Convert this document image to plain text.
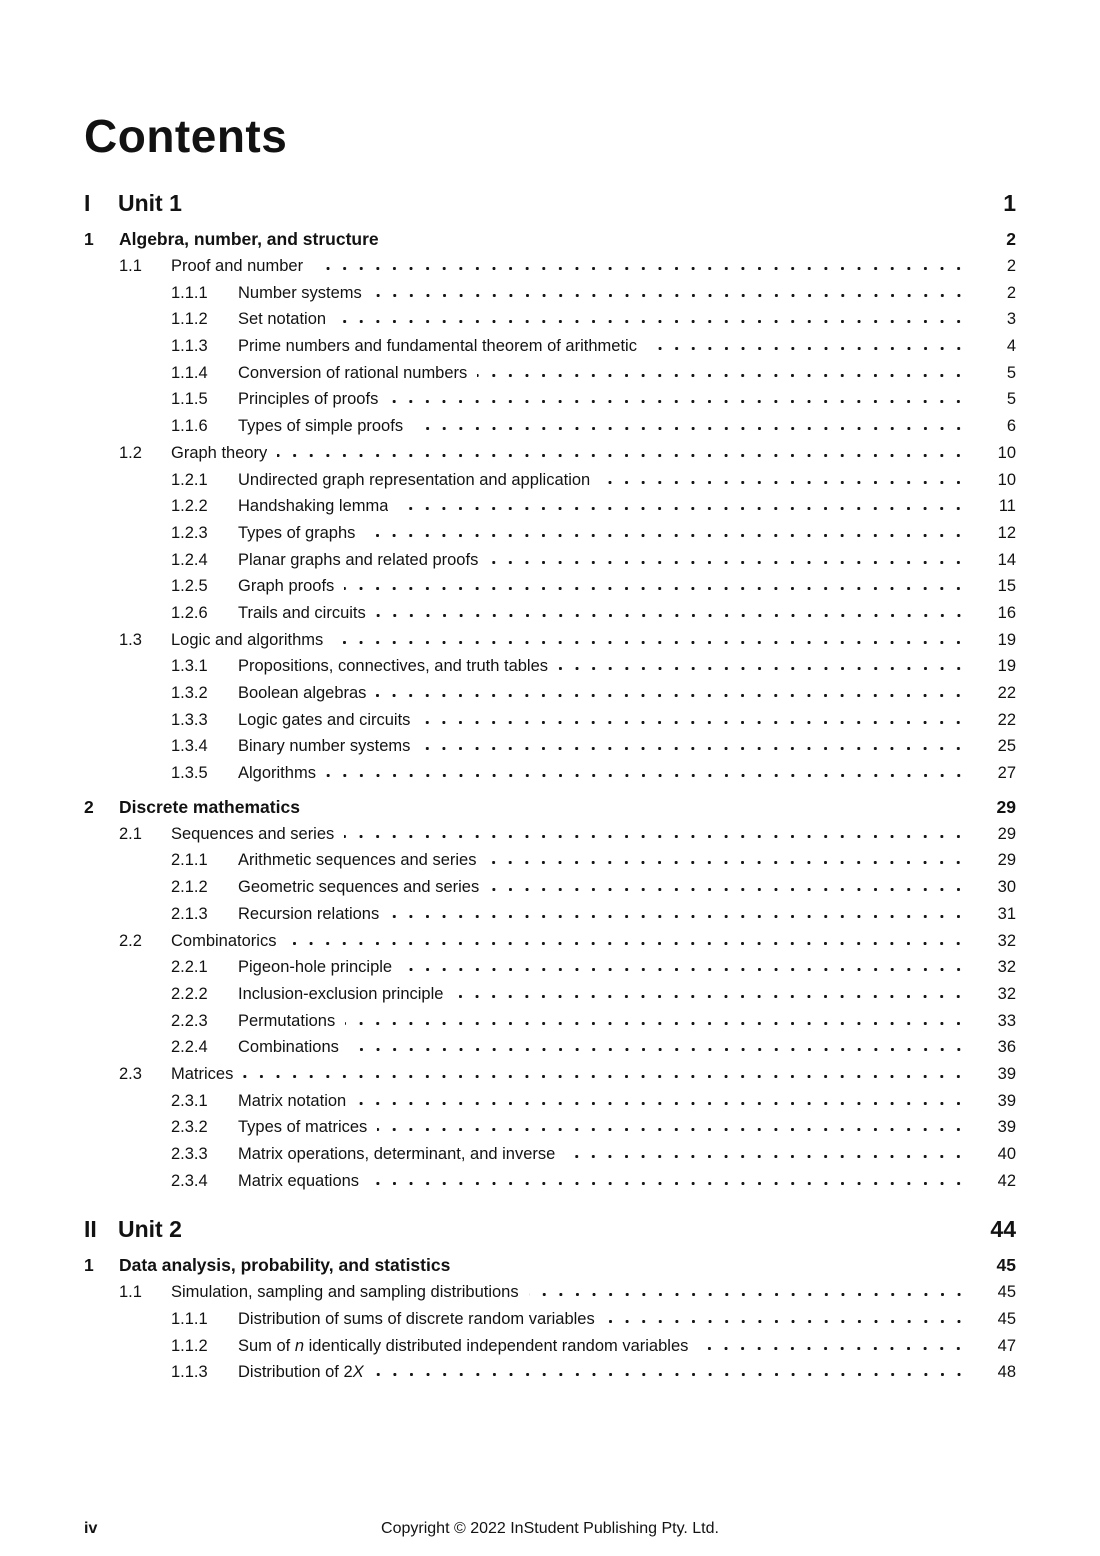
Contents
I	Unit 1	1
1	Algebra, number, and structure	2
1.1	Proof and number	2
1.1.1	Number systems	2
1.1.2	Set notation	3
1.1.3	Prime numbers and fundamental theorem of arithmetic	4
1.1.4	Conversion of rational numbers	5
1.1.5	Principles of proofs	5
1.1.6	Types of simple proofs	6
1.2	Graph theory	10
1.2.1	Undirected graph representation and application	10
1.2.2	Handshaking lemma	11
1.2.3	Types of graphs	12
1.2.4	Planar graphs and related proofs	14
1.2.5	Graph proofs	15
1.2.6	Trails and circuits	16
1.3	Logic and algorithms	19
1.3.1	Propositions, connectives, and truth tables	19
1.3.2	Boolean algebras	22
1.3.3	Logic gates and circuits	22
1.3.4	Binary number systems	25
1.3.5	Algorithms	27
2	Discrete mathematics	29
2.1	Sequences and series	29
2.1.1	Arithmetic sequences and series	29
2.1.2	Geometric sequences and series	30
2.1.3	Recursion relations	31
2.2	Combinatorics	32
2.2.1	Pigeon-hole principle	32
2.2.2	Inclusion-exclusion principle	32
2.2.3	Permutations	33
2.2.4	Combinations	36
2.3	Matrices	39
2.3.1	Matrix notation	39
2.3.2	Types of matrices	39
2.3.3	Matrix operations, determinant, and inverse	40
2.3.4	Matrix equations	42
II Unit 2	44
1	Data analysis, probability, and statistics	45
1.1	Simulation, sampling and sampling distributions	45
1.1.1	Distribution of sums of discrete random variables	45
1.1.2	Sum of n identically distributed independent random variables	47
1.1.3	Distribution of 2X	48
iv	Copyright © 2022 InStudent Publishing Pty. Ltd.
